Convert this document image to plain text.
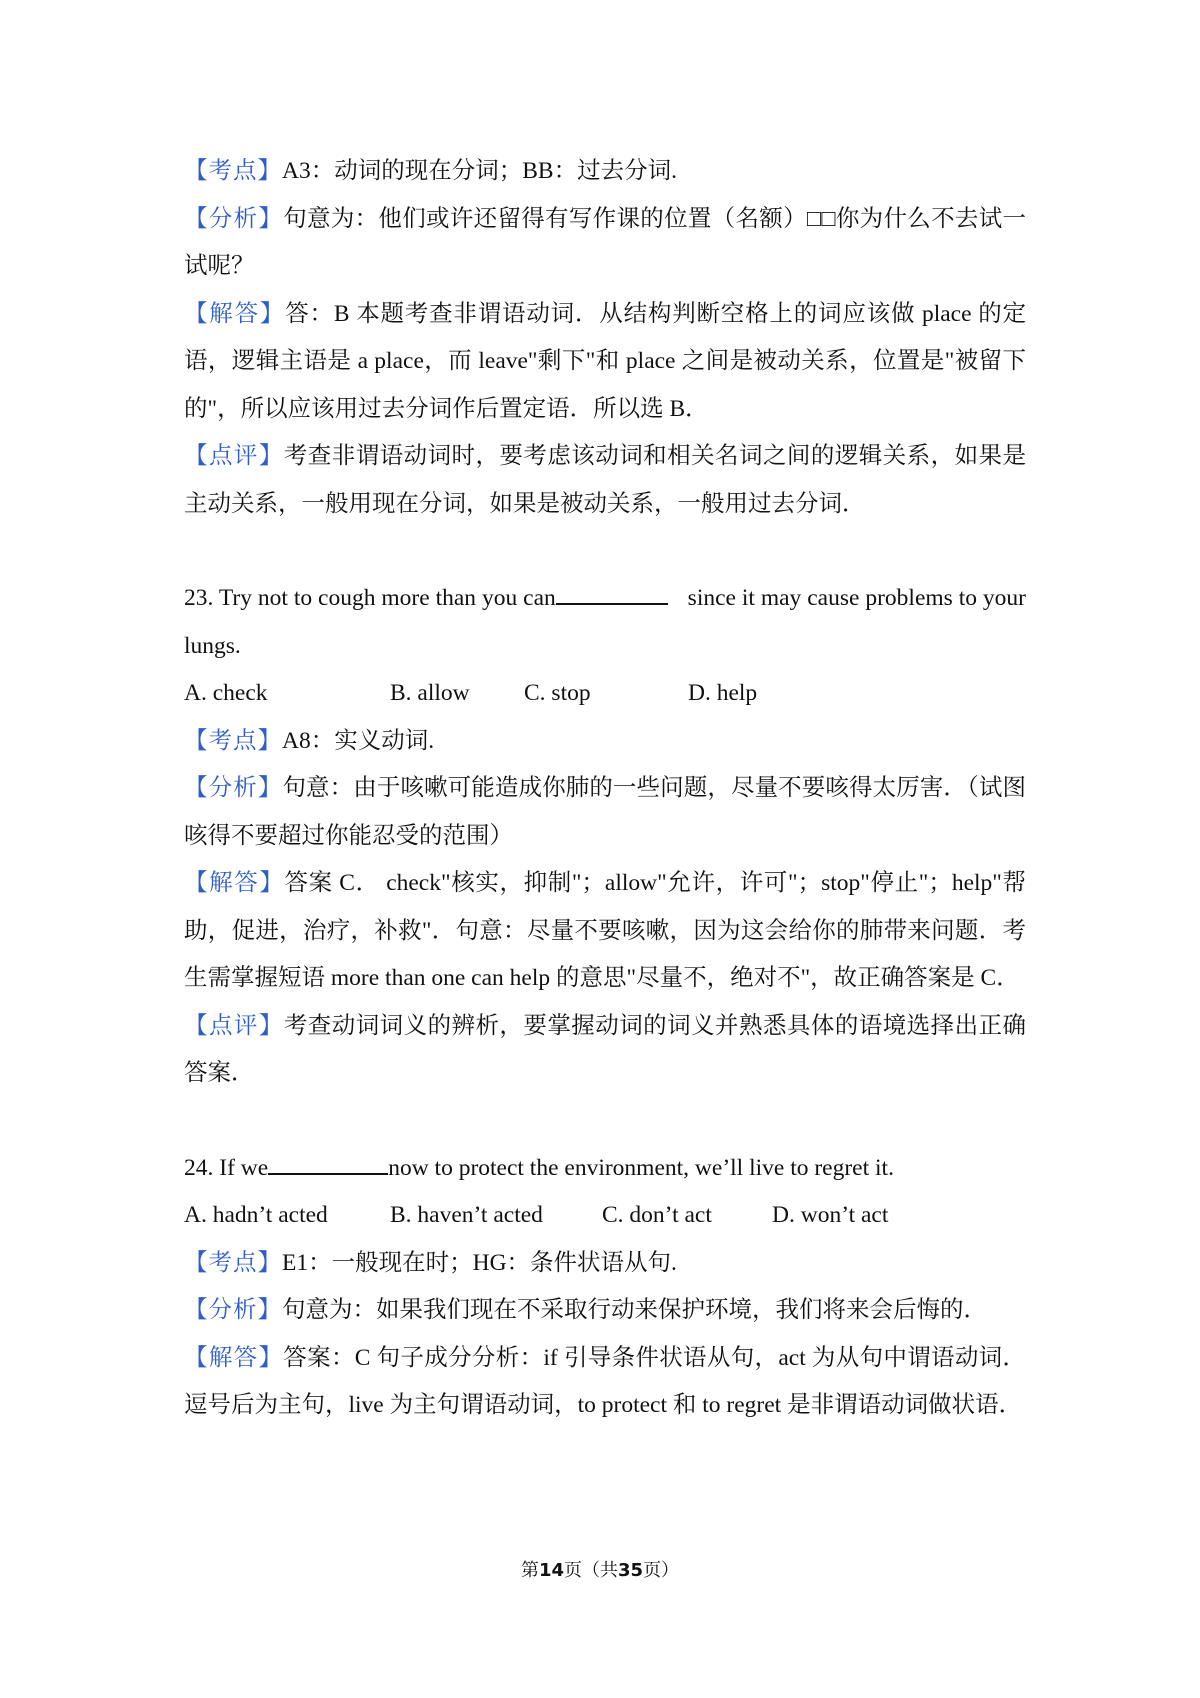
【考点】A3：动词的现在分词；BB：过去分词.

【分析】句意为：他们或许还留得有写作课的位置（名额）□□你为什么不去试一试呢？

【解答】答：B 本题考查非谓语动词．从结构判断空格上的词应该做 place 的定语，逻辑主语是 a place，而 leave"剩下"和 place 之间是被动关系，位置是"被留下的"，所以应该用过去分词作后置定语．所以选 B．

【点评】考查非谓语动词时，要考虑该动词和相关名词之间的逻辑关系，如果是主动关系，一般用现在分词，如果是被动关系，一般用过去分词．

23. Try not to cough more than you can	since it may cause problems to your lungs.

A. check	B. allow C. stop	D. help

【考点】A8：实义动词.

【分析】句意：由于咳嗽可能造成你肺的一些问题，尽量不要咳得太厉害．（试图咳得不要超过你能忍受的范围）

【解答】答案 C． check"核实，抑制"；allow"允许，许可"；stop"停止"；help"帮助，促进，治疗，补救"．句意：尽量不要咳嗽，因为这会给你的肺带来问题．考生需掌握短语 more than one can help 的意思"尽量不，绝对不"，故正确答案是 C．

【点评】考查动词词义的辨析，要掌握动词的词义并熟悉具体的语境选择出正确答案．

24. If we	now to protect the environment, we’ll live to regret it.

A. hadn’t acted	B. haven’t acted	C. don’t act	D. won’t act

【考点】E1：一般现在时；HG：条件状语从句.

【分析】句意为：如果我们现在不采取行动来保护环境，我们将来会后悔的．

【解答】答案：C 句子成分分析：if 引导条件状语从句，act 为从句中谓语动词．逗号后为主句，live 为主句谓语动词，to protect 和 to regret 是非谓语动词做状语．

第14页（共35页）
